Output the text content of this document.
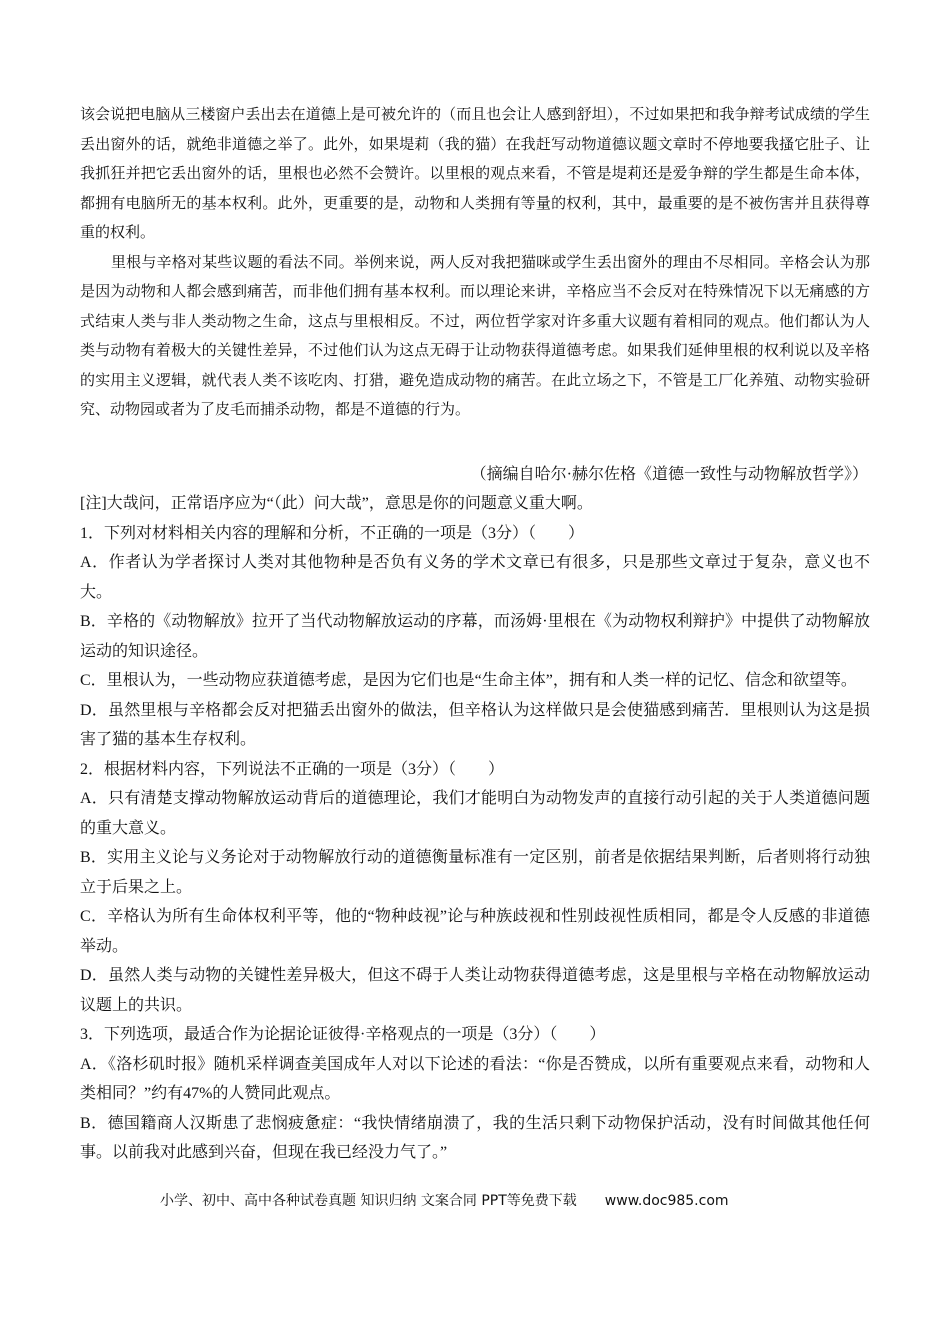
该会说把电脑从三楼窗户丢出去在道德上是可被允许的（而且也会让人感到舒坦），不过如果把和我争辩考试成绩的学生丢出窗外的话，就绝非道德之举了。此外，如果堤莉（我的猫）在我赶写动物道德议题文章时不停地要我搔它肚子、让我抓狂并把它丢出窗外的话，里根也必然不会赞许。以里根的观点来看，不管是堤莉还是爱争辩的学生都是生命本体，都拥有电脑所无的基本权利。此外，更重要的是，动物和人类拥有等量的权利，其中，最重要的是不被伤害并且获得尊重的权利。

里根与辛格对某些议题的看法不同。举例来说，两人反对我把猫咪或学生丢出窗外的理由不尽相同。辛格会认为那是因为动物和人都会感到痛苦，而非他们拥有基本权利。而以理论来讲，辛格应当不会反对在特殊情况下以无痛感的方式结束人类与非人类动物之生命，这点与里根相反。不过，两位哲学家对许多重大议题有着相同的观点。他们都认为人类与动物有着极大的关键性差异，不过他们认为这点无碍于让动物获得道德考虑。如果我们延伸里根的权利说以及辛格的实用主义逻辑，就代表人类不该吃肉、打猎，避免造成动物的痛苦。在此立场之下，不管是工厂化养殖、动物实验研究、动物园或者为了皮毛而捕杀动物，都是不道德的行为。

（摘编自哈尔·赫尔佐格《道德一致性与动物解放哲学》）

[注]大哉问，正常语序应为“（此）问大哉”，意思是你的问题意义重大啊。

1．下列对材料相关内容的理解和分析，不正确的一项是（3分）（　　）

A．作者认为学者探讨人类对其他物种是否负有义务的学术文章已有很多，只是那些文章过于复杂，意义也不大。

B．辛格的《动物解放》拉开了当代动物解放运动的序幕，而汤姆·里根在《为动物权利辩护》中提供了动物解放运动的知识途径。

C．里根认为，一些动物应获道德考虑，是因为它们也是“生命主体”，拥有和人类一样的记忆、信念和欲望等。

D．虽然里根与辛格都会反对把猫丢出窗外的做法，但辛格认为这样做只是会使猫感到痛苦．里根则认为这是损害了猫的基本生存权利。

2．根据材料内容，下列说法不正确的一项是（3分）（　　）

A．只有清楚支撑动物解放运动背后的道德理论，我们才能明白为动物发声的直接行动引起的关于人类道德问题的重大意义。

B．实用主义论与义务论对于动物解放行动的道德衡量标准有一定区别，前者是依据结果判断，后者则将行动独立于后果之上。

C．辛格认为所有生命体权利平等，他的“物种歧视”论与种族歧视和性别歧视性质相同，都是令人反感的非道德举动。

D．虽然人类与动物的关键性差异极大，但这不碍于人类让动物获得道德考虑，这是里根与辛格在动物解放运动议题上的共识。

3．下列选项，最适合作为论据论证彼得·辛格观点的一项是（3分）（　　）

A．《洛杉矶时报》随机采样调查美国成年人对以下论述的看法：“你是否赞成，以所有重要观点来看，动物和人类相同？”约有47%的人赞同此观点。

B．德国籍商人汉斯患了悲悯疲惫症：“我快情绪崩溃了，我的生活只剩下动物保护活动，没有时间做其他任何事。以前我对此感到兴奋，但现在我已经没力气了。”

小学、初中、高中各种试卷真题 知识归纳 文案合同 PPT等免费下载 www.doc985.com
